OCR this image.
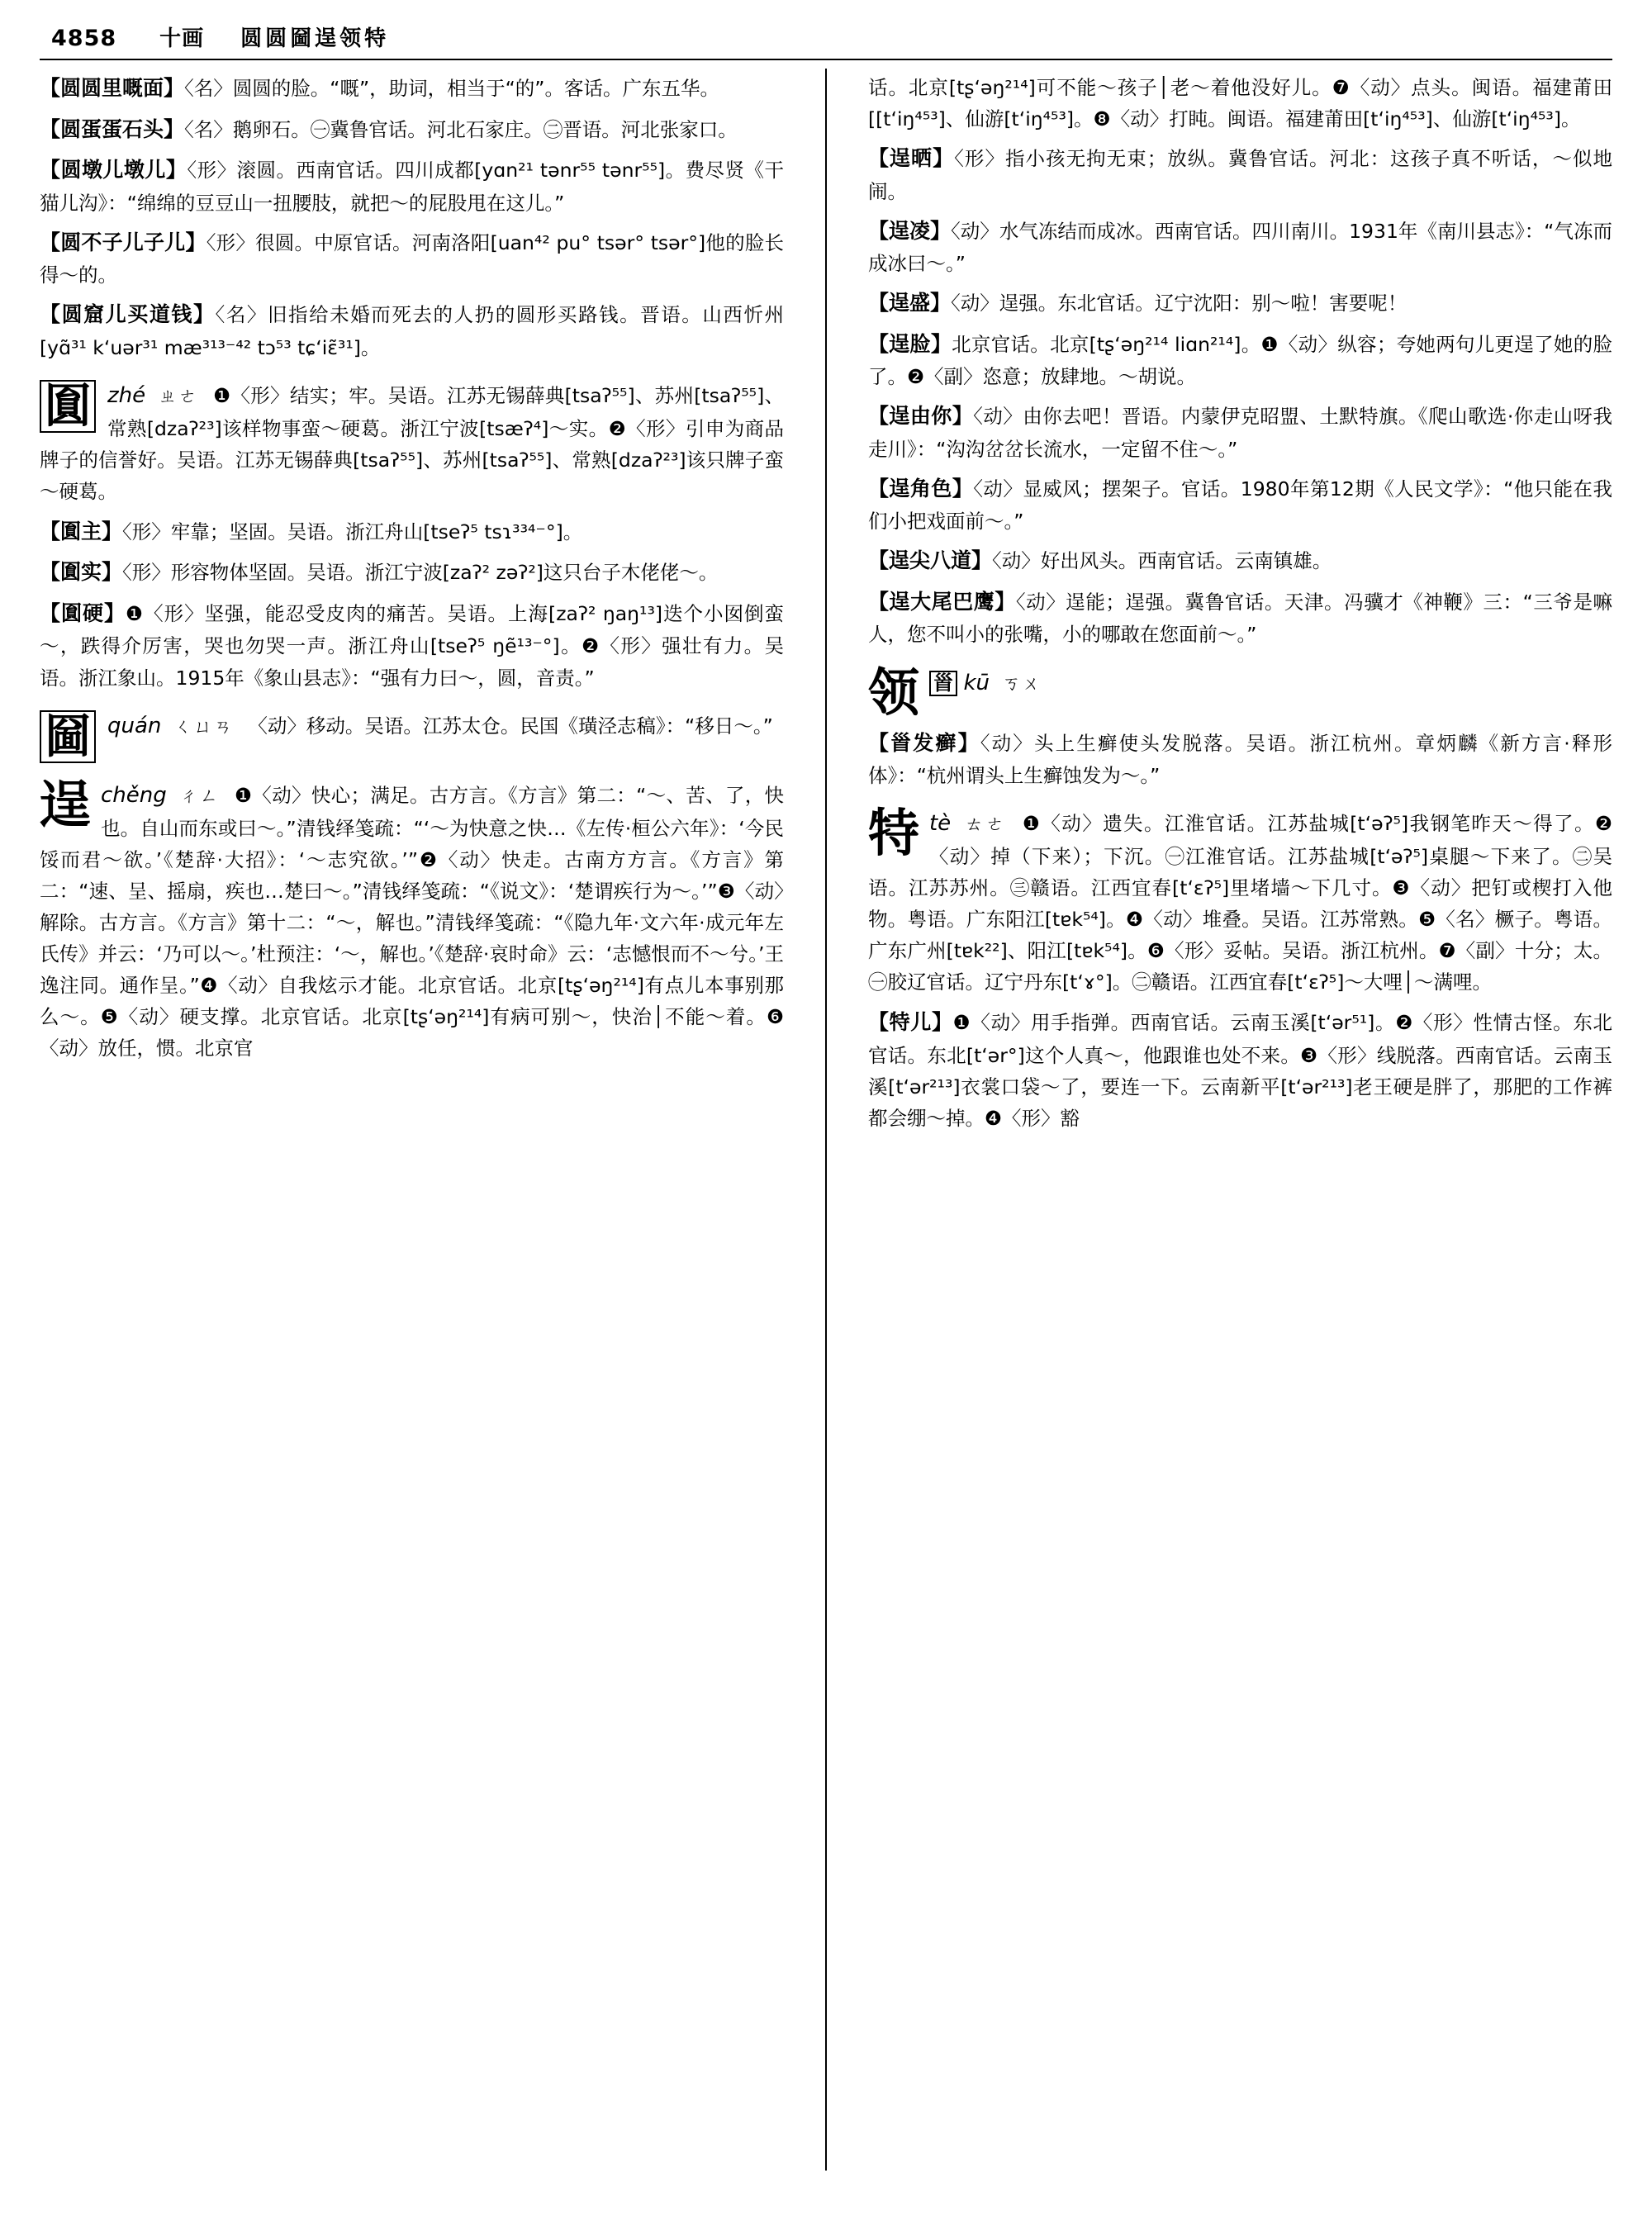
4858 十画 圆圆圙逞领特
【圆圆里嘅面】〈名〉圆圆的脸。“嘅”，助词，相当于“的”。客话。广东五华。
【圆蛋蛋石头】〈名〉鹅卵石。㊀冀鲁官话。河北石家庄。㊁晋语。河北张家口。
【圆墩儿墩儿】〈形〉滚圆。西南官话。四川成都[yɑn²¹ tənr⁵⁵ tənr⁵⁵]。费尽贤《干猫儿沟》：“绵绵的豆豆山一扭腰肢，就把～的屁股甩在这儿。”
【圆不子儿子儿】〈形〉很圆。中原官话。河南洛阳[uan⁴² pu° tsər° tsər°]他的脸长得～的。
【圆窟儿买道钱】〈名〉旧指给未婚而死去的人扔的圆形买路钱。晋语。山西忻州[yɑ̃³¹ kʻuər³¹ mæ³¹³⁻⁴² tɔ⁵³ tɕʻiɛ̃³¹]。
圎 zhé ㄓㄜ ❶〈形〉结实；牢。吴语。江苏无锡薛典[tsaʔ⁵⁵]、苏州[tsaʔ⁵⁵]、常熟[dzaʔ²³]该样物事蛮～硬葛。浙江宁波[tsæʔ⁴]～实。❷〈形〉引申为商品牌子的信誉好。吴语。江苏无锡薛典[tsaʔ⁵⁵]、苏州[tsaʔ⁵⁵]、常熟[dzaʔ²³]该只牌子蛮～硬葛。
【圎主】〈形〉牢靠；坚固。吴语。浙江舟山[tseʔ⁵ tsɿ³³⁴⁻°]。
【圎实】〈形〉形容物体坚固。吴语。浙江宁波[zaʔ² zəʔ²]这只台子木佬佬～。
【圎硬】❶〈形〉坚强，能忍受皮肉的痛苦。吴语。上海[zaʔ² ŋaŋ¹³]迭个小囡倒蛮～，跌得介厉害，哭也勿哭一声。浙江舟山[tseʔ⁵ ŋẽ¹³⁻°]。❷〈形〉强壮有力。吴语。浙江象山。1915年《象山县志》：“强有力曰～，圆，音责。”
圙 quán ㄑㄩㄢ 〈动〉移动。吴语。江苏太仓。民国《璜泾志稿》：“移日～。”
逞 chěng ㄔㄥ ❶〈动〉快心；满足。古方言。《方言》第二：“～、苦、了，快也。自山而东或曰～。”清钱绎笺疏：“‘～为快意之快…《左传·桓公六年》：‘今民馁而君～欲。’《楚辞·大招》：‘～志究欲。’”❷〈动〉快走。古南方方言。《方言》第二：“速、呈、摇扇，疾也…楚曰～。”清钱绎笺疏：“《说文》：‘楚谓疾行为～。’”❸〈动〉解除。古方言。《方言》第十二：“～，解也。”清钱绎笺疏：“《隐九年·文六年·成元年左氏传》并云：‘乃可以～。’杜预注：‘～，解也。’《楚辞·哀时命》云：‘志憾恨而不～兮。’王逸注同。通作呈。”❹〈动〉自我炫示才能。北京官话。北京[tʂʻəŋ²¹⁴]有点儿本事别那么～。❺〈动〉硬支撑。北京官话。北京[tʂʻəŋ²¹⁴]有病可别～，快治│不能～着。❻〈动〉放任，惯。北京官
话。北京[tʂʻəŋ²¹⁴]可不能～孩子│老～着他没好儿。❼〈动〉点头。闽语。福建莆田[[tʻiŋ⁴⁵³]、仙游[tʻiŋ⁴⁵³]。❽〈动〉打盹。闽语。福建莆田[tʻiŋ⁴⁵³]、仙游[tʻiŋ⁴⁵³]。
【逞晒】〈形〉指小孩无拘无束；放纵。冀鲁官话。河北：这孩子真不听话，～似地闹。
【逞凌】〈动〉水气冻结而成冰。西南官话。四川南川。1931年《南川县志》：“气冻而成冰曰～。”
【逞盛】〈动〉逞强。东北官话。辽宁沈阳：别～啦！害要呢！
【逞脸】北京官话。北京[tʂʻəŋ²¹⁴ liɑn²¹⁴]。❶〈动〉纵容；夸她两句儿更逞了她的脸了。❷〈副〉恣意；放肆地。～胡说。
【逞由你】〈动〉由你去吧！晋语。内蒙伊克昭盟、土默特旗。《爬山歌选·你走山呀我走川》：“沟沟岔岔长流水，一定留不住～。”
【逞角色】〈动〉显威风；摆架子。官话。1980年第12期《人民文学》：“他只能在我们小把戏面前～。”
【逞尖八道】〈动〉好出风头。西南官话。云南镇雄。
【逞大尾巴鹰】〈动〉逞能；逞强。冀鲁官话。天津。冯骥才《神鞭》三：“三爷是嘛人，您不叫小的张嘴，小的哪敢在您面前～。”
领 𩠐 kū ㄎㄨ
【𩠐发癣】〈动〉头上生癣使头发脱落。吴语。浙江杭州。章炳麟《新方言·释形体》：“杭州谓头上生癣蚀发为～。”
特 tè ㄊㄜ ❶〈动〉遗失。江淮官话。江苏盐城[tʻəʔ⁵]我钢笔昨天～得了。❷〈动〉掉（下来）；下沉。㊀江淮官话。江苏盐城[tʻəʔ⁵]桌腿～下来了。㊁吴语。江苏苏州。㊂赣语。江西宜春[tʻɛʔ⁵]里堵墙～下几寸。❸〈动〉把钉或楔打入他物。粤语。广东阳江[tɐk⁵⁴]。❹〈动〉堆叠。吴语。江苏常熟。❺〈名〉橛子。粤语。广东广州[tɐk²²]、阳江[tɐk⁵⁴]。❻〈形〉妥帖。吴语。浙江杭州。❼〈副〉十分；太。㊀胶辽官话。辽宁丹东[tʻɤ°]。㊁赣语。江西宜春[tʻɛʔ⁵]～大哩│～满哩。
【特儿】❶〈动〉用手指弹。西南官话。云南玉溪[tʻər⁵¹]。❷〈形〉性情古怪。东北官话。东北[tʻər°]这个人真～，他跟谁也处不来。❸〈形〉线脱落。西南官话。云南玉溪[tʻər²¹³]衣裳口袋～了，要连一下。云南新平[tʻər²¹³]老王硬是胖了，那肥的工作裤都会绷～掉。❹〈形〉豁
